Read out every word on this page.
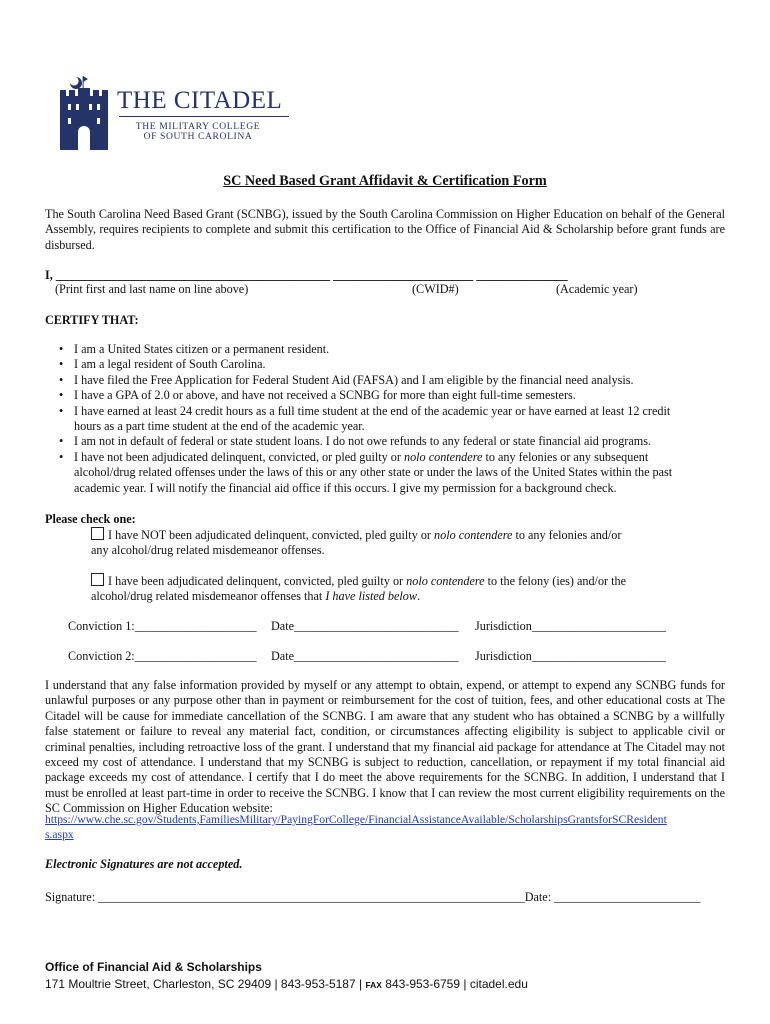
THE CITADEL
THE MILITARY COLLEGE
OF SOUTH CAROLINA
SC Need Based Grant Affidavit & Certification Form
The South Carolina Need Based Grant (SCNBG), issued by the South Carolina Commission on Higher Education on behalf of the General Assembly, requires recipients to complete and submit this certification to the Office of Financial Aid & Scholarship before grant funds are disbursed.
I, _____________________________________________ _______________________ _______________
(Print first and last name on line above)	(CWID#)	(Academic year)
CERTIFY THAT:
• I am a United States citizen or a permanent resident.
• I am a legal resident of South Carolina.
• I have filed the Free Application for Federal Student Aid (FAFSA) and I am eligible by the financial need analysis.
• I have a GPA of 2.0 or above, and have not received a SCNBG for more than eight full-time semesters.
• I have earned at least 24 credit hours as a full time student at the end of the academic year or have earned at least 12 credit hours as a part time student at the end of the academic year.
• I am not in default of federal or state student loans. I do not owe refunds to any federal or state financial aid programs.
• I have not been adjudicated delinquent, convicted, or pled guilty or nolo contendere to any felonies or any subsequent alcohol/drug related offenses under the laws of this or any other state or under the laws of the United States within the past academic year. I will notify the financial aid office if this occurs. I give my permission for a background check.
Please check one:
I have NOT been adjudicated delinquent, convicted, pled guilty or nolo contendere to any felonies and/or
any alcohol/drug related misdemeanor offenses.
I have been adjudicated delinquent, convicted, pled guilty or nolo contendere to the felony (ies) and/or the
alcohol/drug related misdemeanor offenses that I have listed below.
Conviction 1:____________________ Date___________________________ Jurisdiction______________________
Conviction 2:____________________ Date___________________________ Jurisdiction______________________
I understand that any false information provided by myself or any attempt to obtain, expend, or attempt to expend any SCNBG funds for unlawful purposes or any purpose other than in payment or reimbursement for the cost of tuition, fees, and other educational costs at The Citadel will be cause for immediate cancellation of the SCNBG. I am aware that any student who has obtained a SCNBG by a willfully false statement or failure to reveal any material fact, condition, or circumstances affecting eligibility is subject to applicable civil or criminal penalties, including retroactive loss of the grant. I understand that my financial aid package for attendance at The Citadel may not exceed my cost of attendance. I understand that my SCNBG is subject to reduction, cancellation, or repayment if my total financial aid package exceeds my cost of attendance. I certify that I do meet the above requirements for the SCNBG. In addition, I understand that I must be enrolled at least part-time in order to receive the SCNBG. I know that I can review the most current eligibility requirements on the SC Commission on Higher Education website:
https://www.che.sc.gov/Students,FamiliesMilitary/PayingForCollege/FinancialAssistanceAvailable/ScholarshipsGrantsforSCResident
s.aspx
Electronic Signatures are not accepted.
Signature: ______________________________________________________________________Date: ________________________
Office of Financial Aid & Scholarships
171 Moultrie Street, Charleston, SC 29409 | 843-953-5187 | FAX 843-953-6759 | citadel.edu
